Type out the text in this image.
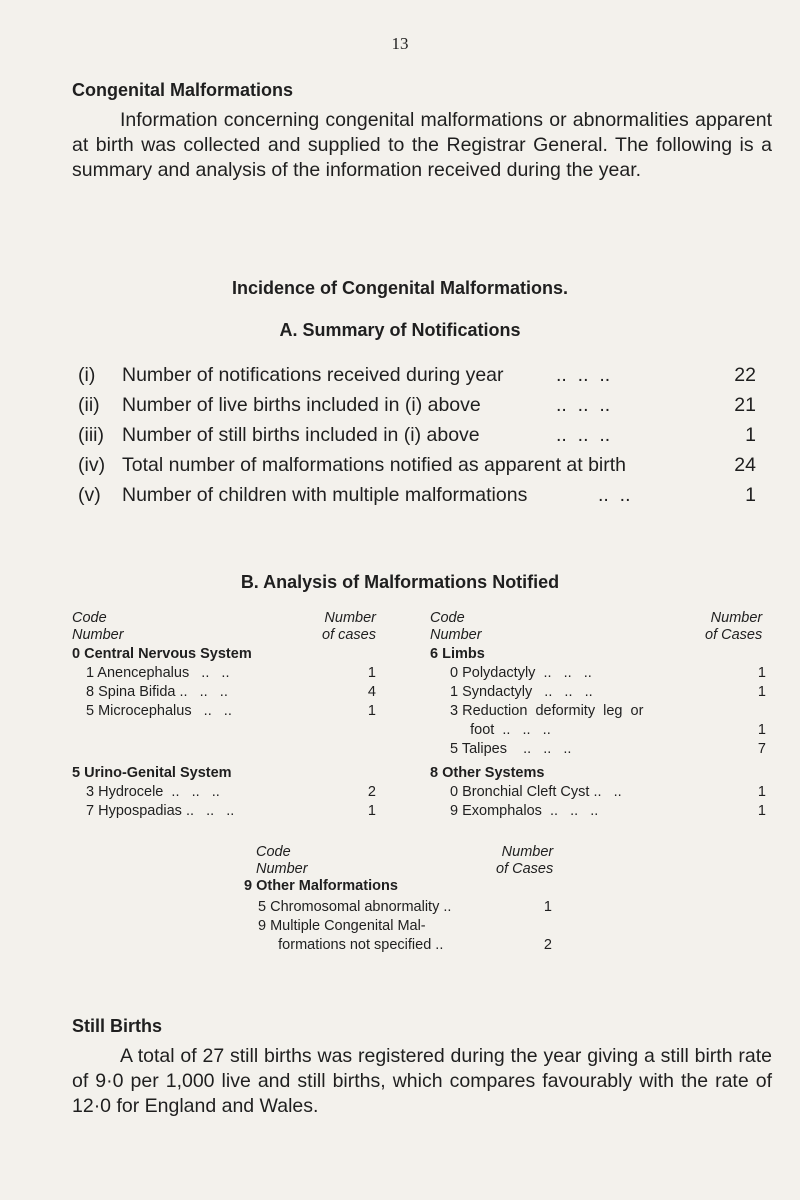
13
Congenital Malformations
Information concerning congenital malformations or abnormalities apparent at birth was collected and supplied to the Registrar General. The following is a summary and analysis of the information received during the year.
Incidence of Congenital Malformations.
A. Summary of Notifications
(i) Number of notifications received during year	..  ..  ..	22
(ii) Number of live births included in (i) above	..  ..  ..	21
(iii) Number of still births included in (i) above	..  ..  ..	1
(iv) Total number of malformations notified as apparent at birth	24
(v) Number of children with multiple malformations	..  ..	1
B. Analysis of Malformations Notified
Code
Number
Number
of cases
0 Central Nervous System
1 Anencephalus   ..   ..	1
8 Spina Bifida ..   ..   ..	4
5 Microcephalus   ..   ..	1
5 Urino-Genital System
3 Hydrocele  ..   ..   ..	2
7 Hypospadias ..   ..   ..	1
Code
Number
Number
of Cases
6 Limbs
0 Polydactyly  ..   ..   ..	1
1 Syndactyly   ..   ..   ..	1
3 Reduction  deformity  leg  or
foot  ..   ..   ..	1
5 Talipes    ..   ..   ..	7
8 Other Systems
0 Bronchial Cleft Cyst ..   ..	1
9 Exomphalos  ..   ..   ..	1
Code
Number
Number
of Cases
9 Other Malformations
5 Chromosomal abnormality ..	1
9 Multiple Congenital Mal-
formations not specified ..	2
Still Births
A total of 27 still births was registered during the year giving a still birth rate of 9·0 per 1,000 live and still births, which compares favourably with the rate of 12·0 for England and Wales.
